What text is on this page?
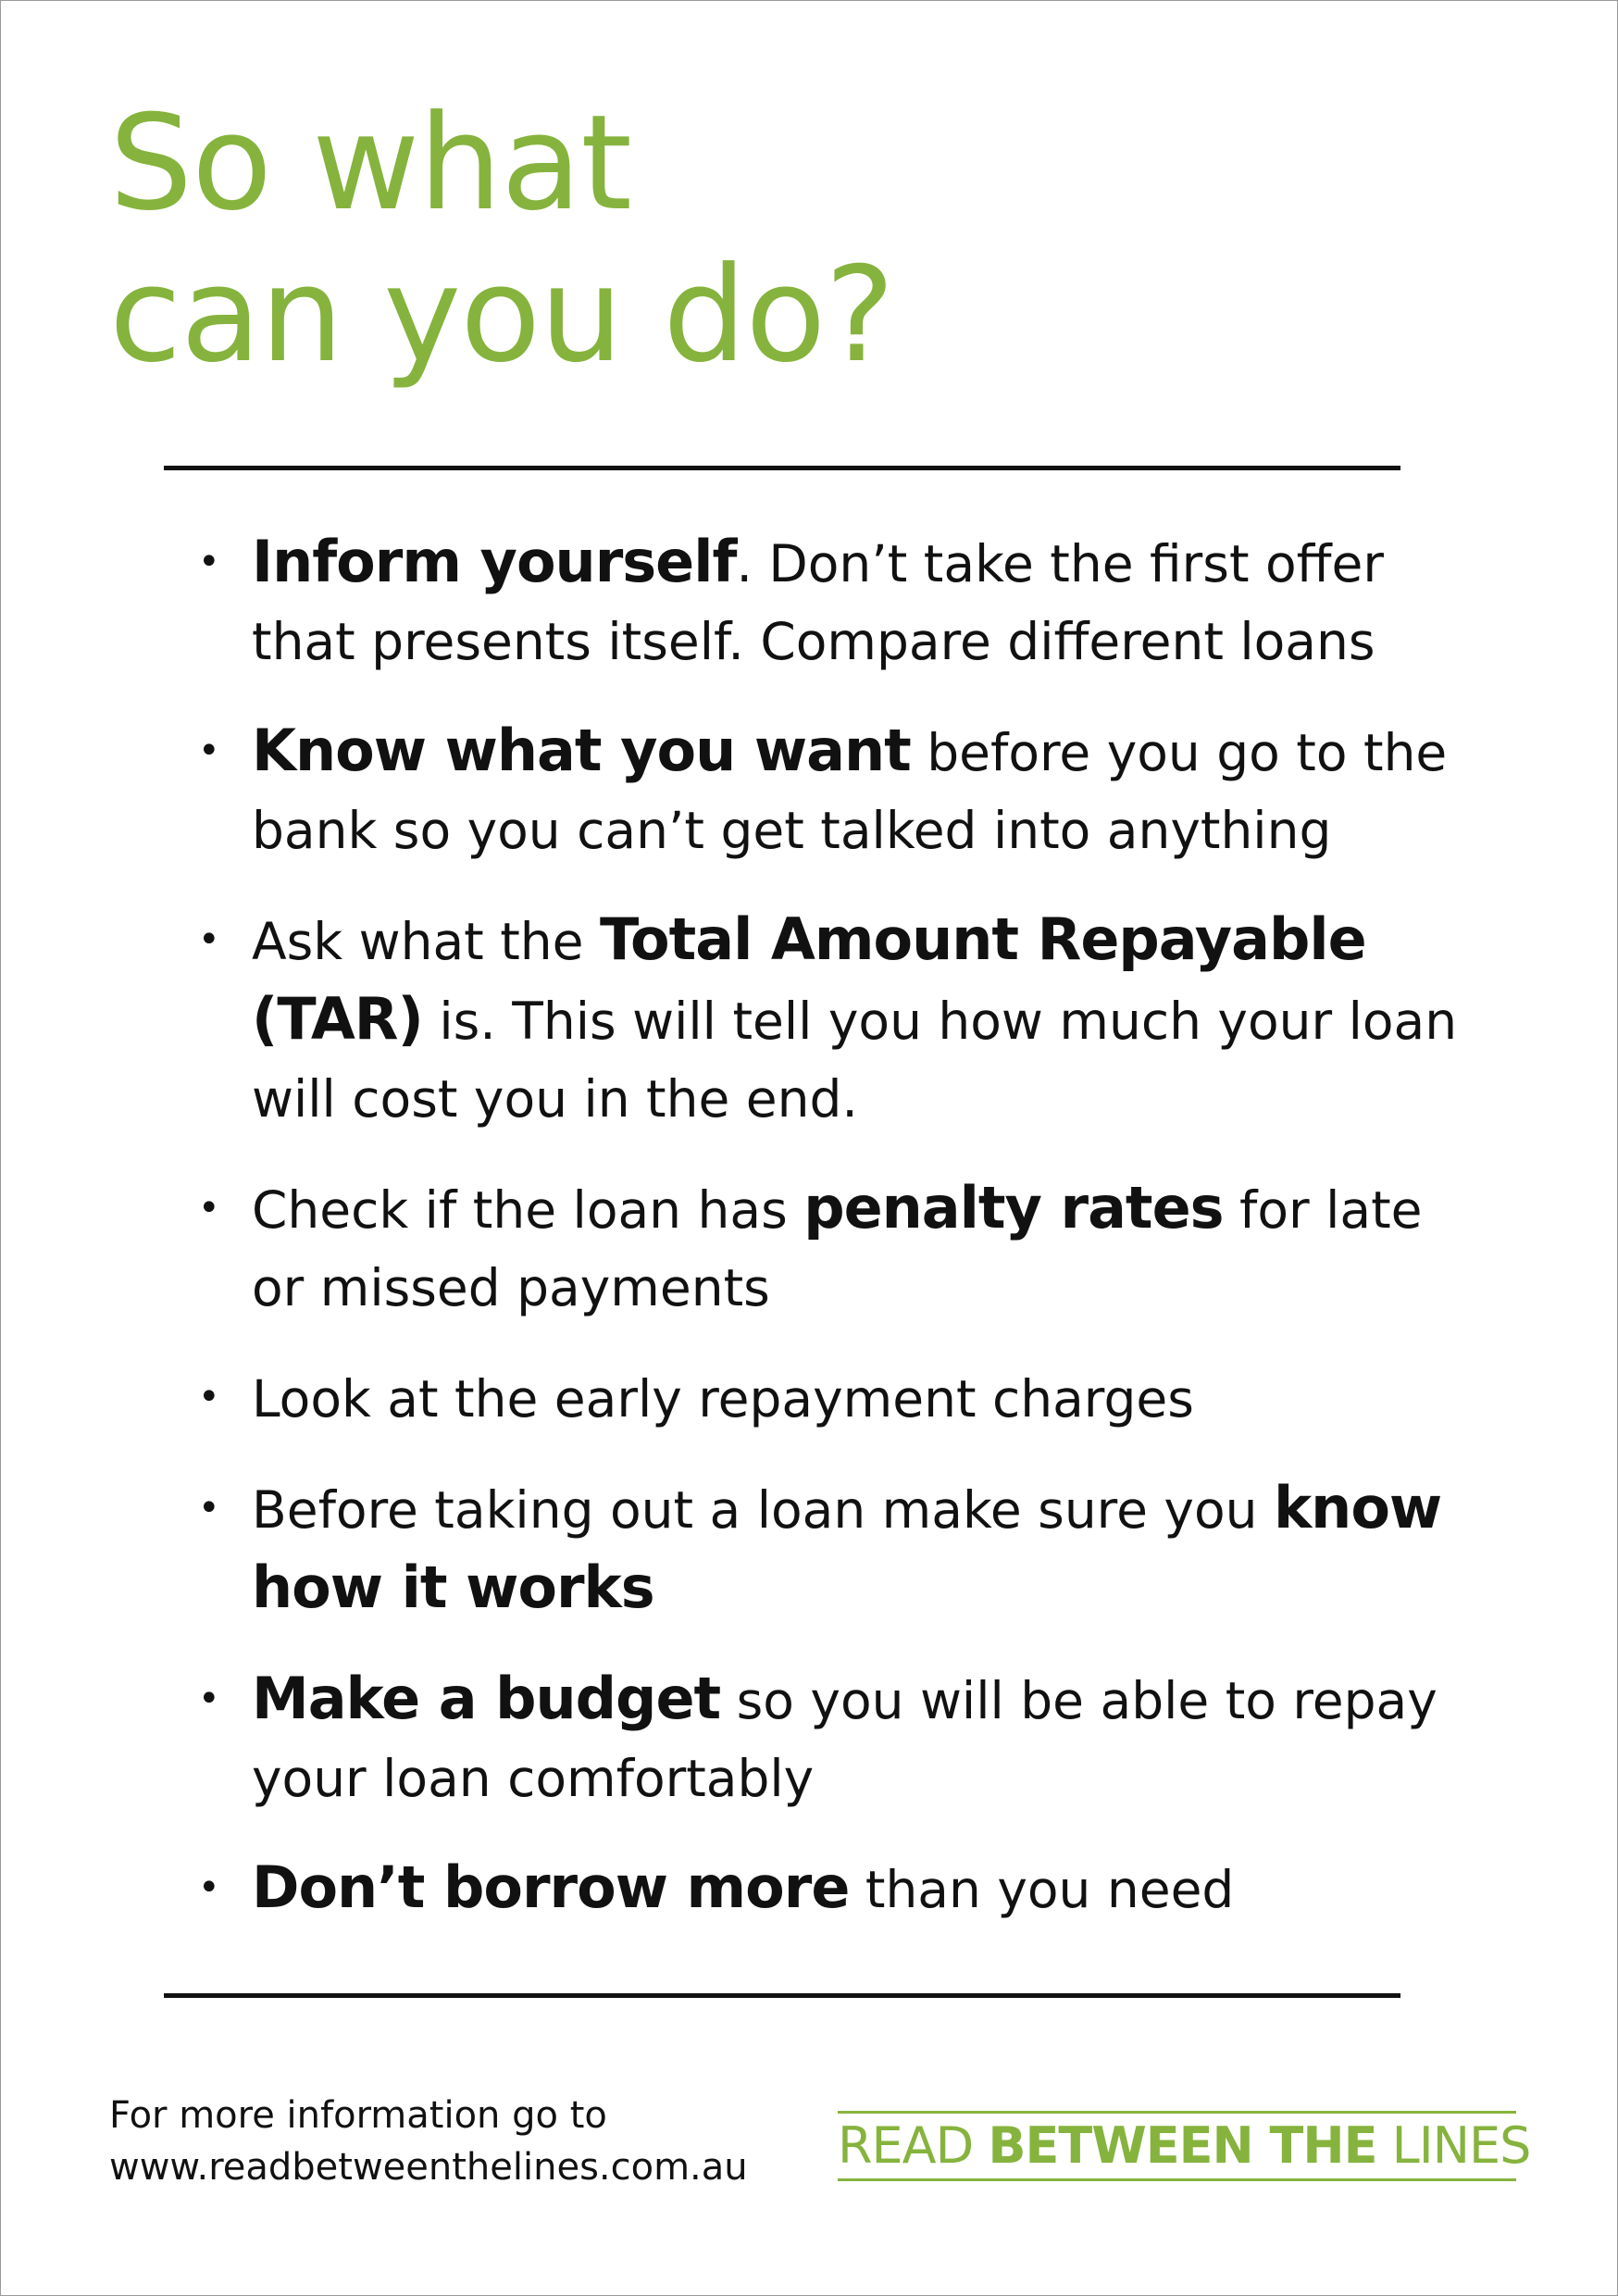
So what
can you do?
• Inform yourself. Don’t take the first offer that presents itself. Compare different loans
• Know what you want before you go to the bank so you can’t get talked into anything
• Ask what the Total Amount Repayable (TAR) is. This will tell you how much your loan will cost you in the end.
• Check if the loan has penalty rates for late or missed payments
• Look at the early repayment charges
• Before taking out a loan make sure you know how it works
• Make a budget so you will be able to repay your loan comfortably
• Don’t borrow more than you need
For more information go to
www.readbetweenthelines.com.au READ BETWEEN THE LINES
